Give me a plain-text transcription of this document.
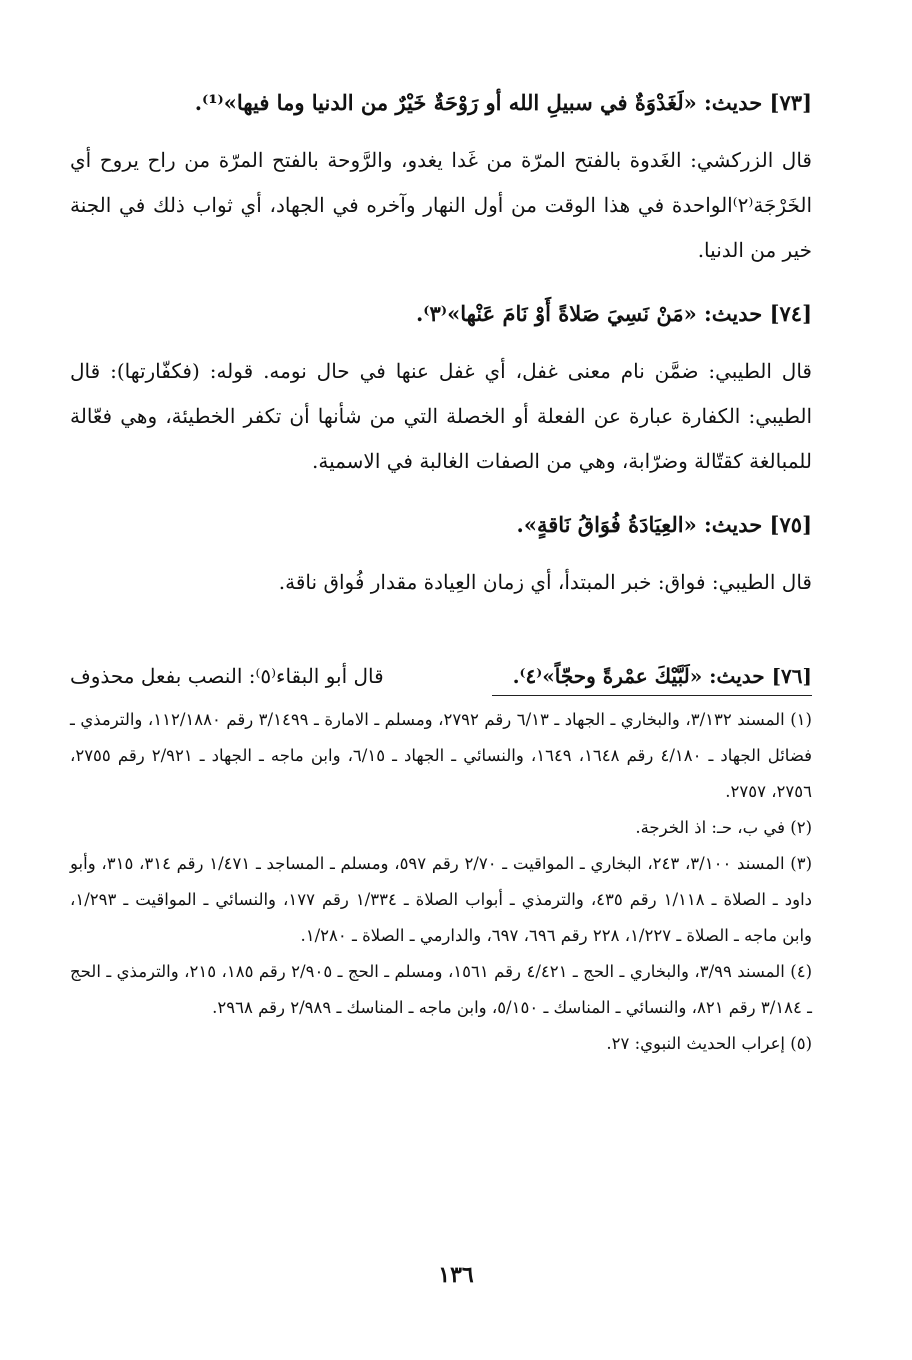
[٧٣] حديث: «لَغَدْوَةٌ في سبيلِ الله أو رَوْحَةٌ خَيْرٌ من الدنيا وما فيها»⁽¹⁾.

قال الزركشي: الغَدوة بالفتح المرّة من غَدا يغدو، والرَّوحة بالفتح المرّة من راح يروح أي الخَرْجَة⁽٢⁾الواحدة في هذا الوقت من أول النهار وآخره في الجهاد، أي ثواب ذلك في الجنة خير من الدنيا.

[٧٤] حديث: «مَنْ نَسِيَ صَلاةً أَوْ نَامَ عَنْها»⁽٣⁾.

قال الطيبي: ضمَّن نام معنى غفل، أي غفل عنها في حال نومه. قوله: (فكفّارتها): قال الطيبي: الكفارة عبارة عن الفعلة أو الخصلة التي من شأنها أن تكفر الخطيئة، وهي فعّالة للمبالغة كقتّالة وضرّابة، وهي من الصفات الغالبة في الاسمية.

[٧٥] حديث: «العِيَادَةُ فُوَاقُ نَاقةٍ».

قال الطيبي: فواق: خبر المبتدأ، أي زمان العِيادة مقدار فُواق ناقة.

[٧٦] حديث: «لَبَّيْكَ عمْرةً وحجّاً»⁽٤⁾.
قال أبو البقاء⁽٥⁾: النصب بفعل محذوف

(١) المسند ٣/١٣٢، والبخاري ـ الجهاد ـ ٦/١٣ رقم ٢٧٩٢، ومسلم ـ الامارة ـ ٣/١٤٩٩ رقم ١١٢/١٨٨٠، والترمذي ـ فضائل الجهاد ـ ٤/١٨٠ رقم ١٦٤٨، ١٦٤٩، والنسائي ـ الجهاد ـ ٦/١٥، وابن ماجه ـ الجهاد ـ ٢/٩٢١ رقم ٢٧٥٥، ٢٧٥٦، ٢٧٥٧.

(٢) في ب، حـ: اذ الخرجة.

(٣) المسند ٣/١٠٠، ٢٤٣، البخاري ـ المواقيت ـ ٢/٧٠ رقم ٥٩٧، ومسلم ـ المساجد ـ ١/٤٧١ رقم ٣١٤، ٣١٥، وأبو داود ـ الصلاة ـ ١/١١٨ رقم ٤٣٥، والترمذي ـ أبواب الصلاة ـ ١/٣٣٤ رقم ١٧٧، والنسائي ـ المواقيت ـ ١/٢٩٣، وابن ماجه ـ الصلاة ـ ١/٢٢٧، ٢٢٨ رقم ٦٩٦، ٦٩٧، والدارمي ـ الصلاة ـ ١/٢٨٠.

(٤) المسند ٣/٩٩، والبخاري ـ الحج ـ ٤/٤٢١ رقم ١٥٦١، ومسلم ـ الحج ـ ٢/٩٠٥ رقم ١٨٥، ٢١٥، والترمذي ـ الحج ـ ٣/١٨٤ رقم ٨٢١، والنسائي ـ المناسك ـ ٥/١٥٠، وابن ماجه ـ المناسك ـ ٢/٩٨٩ رقم ٢٩٦٨.

(٥) إعراب الحديث النبوي: ٢٧.

١٣٦
